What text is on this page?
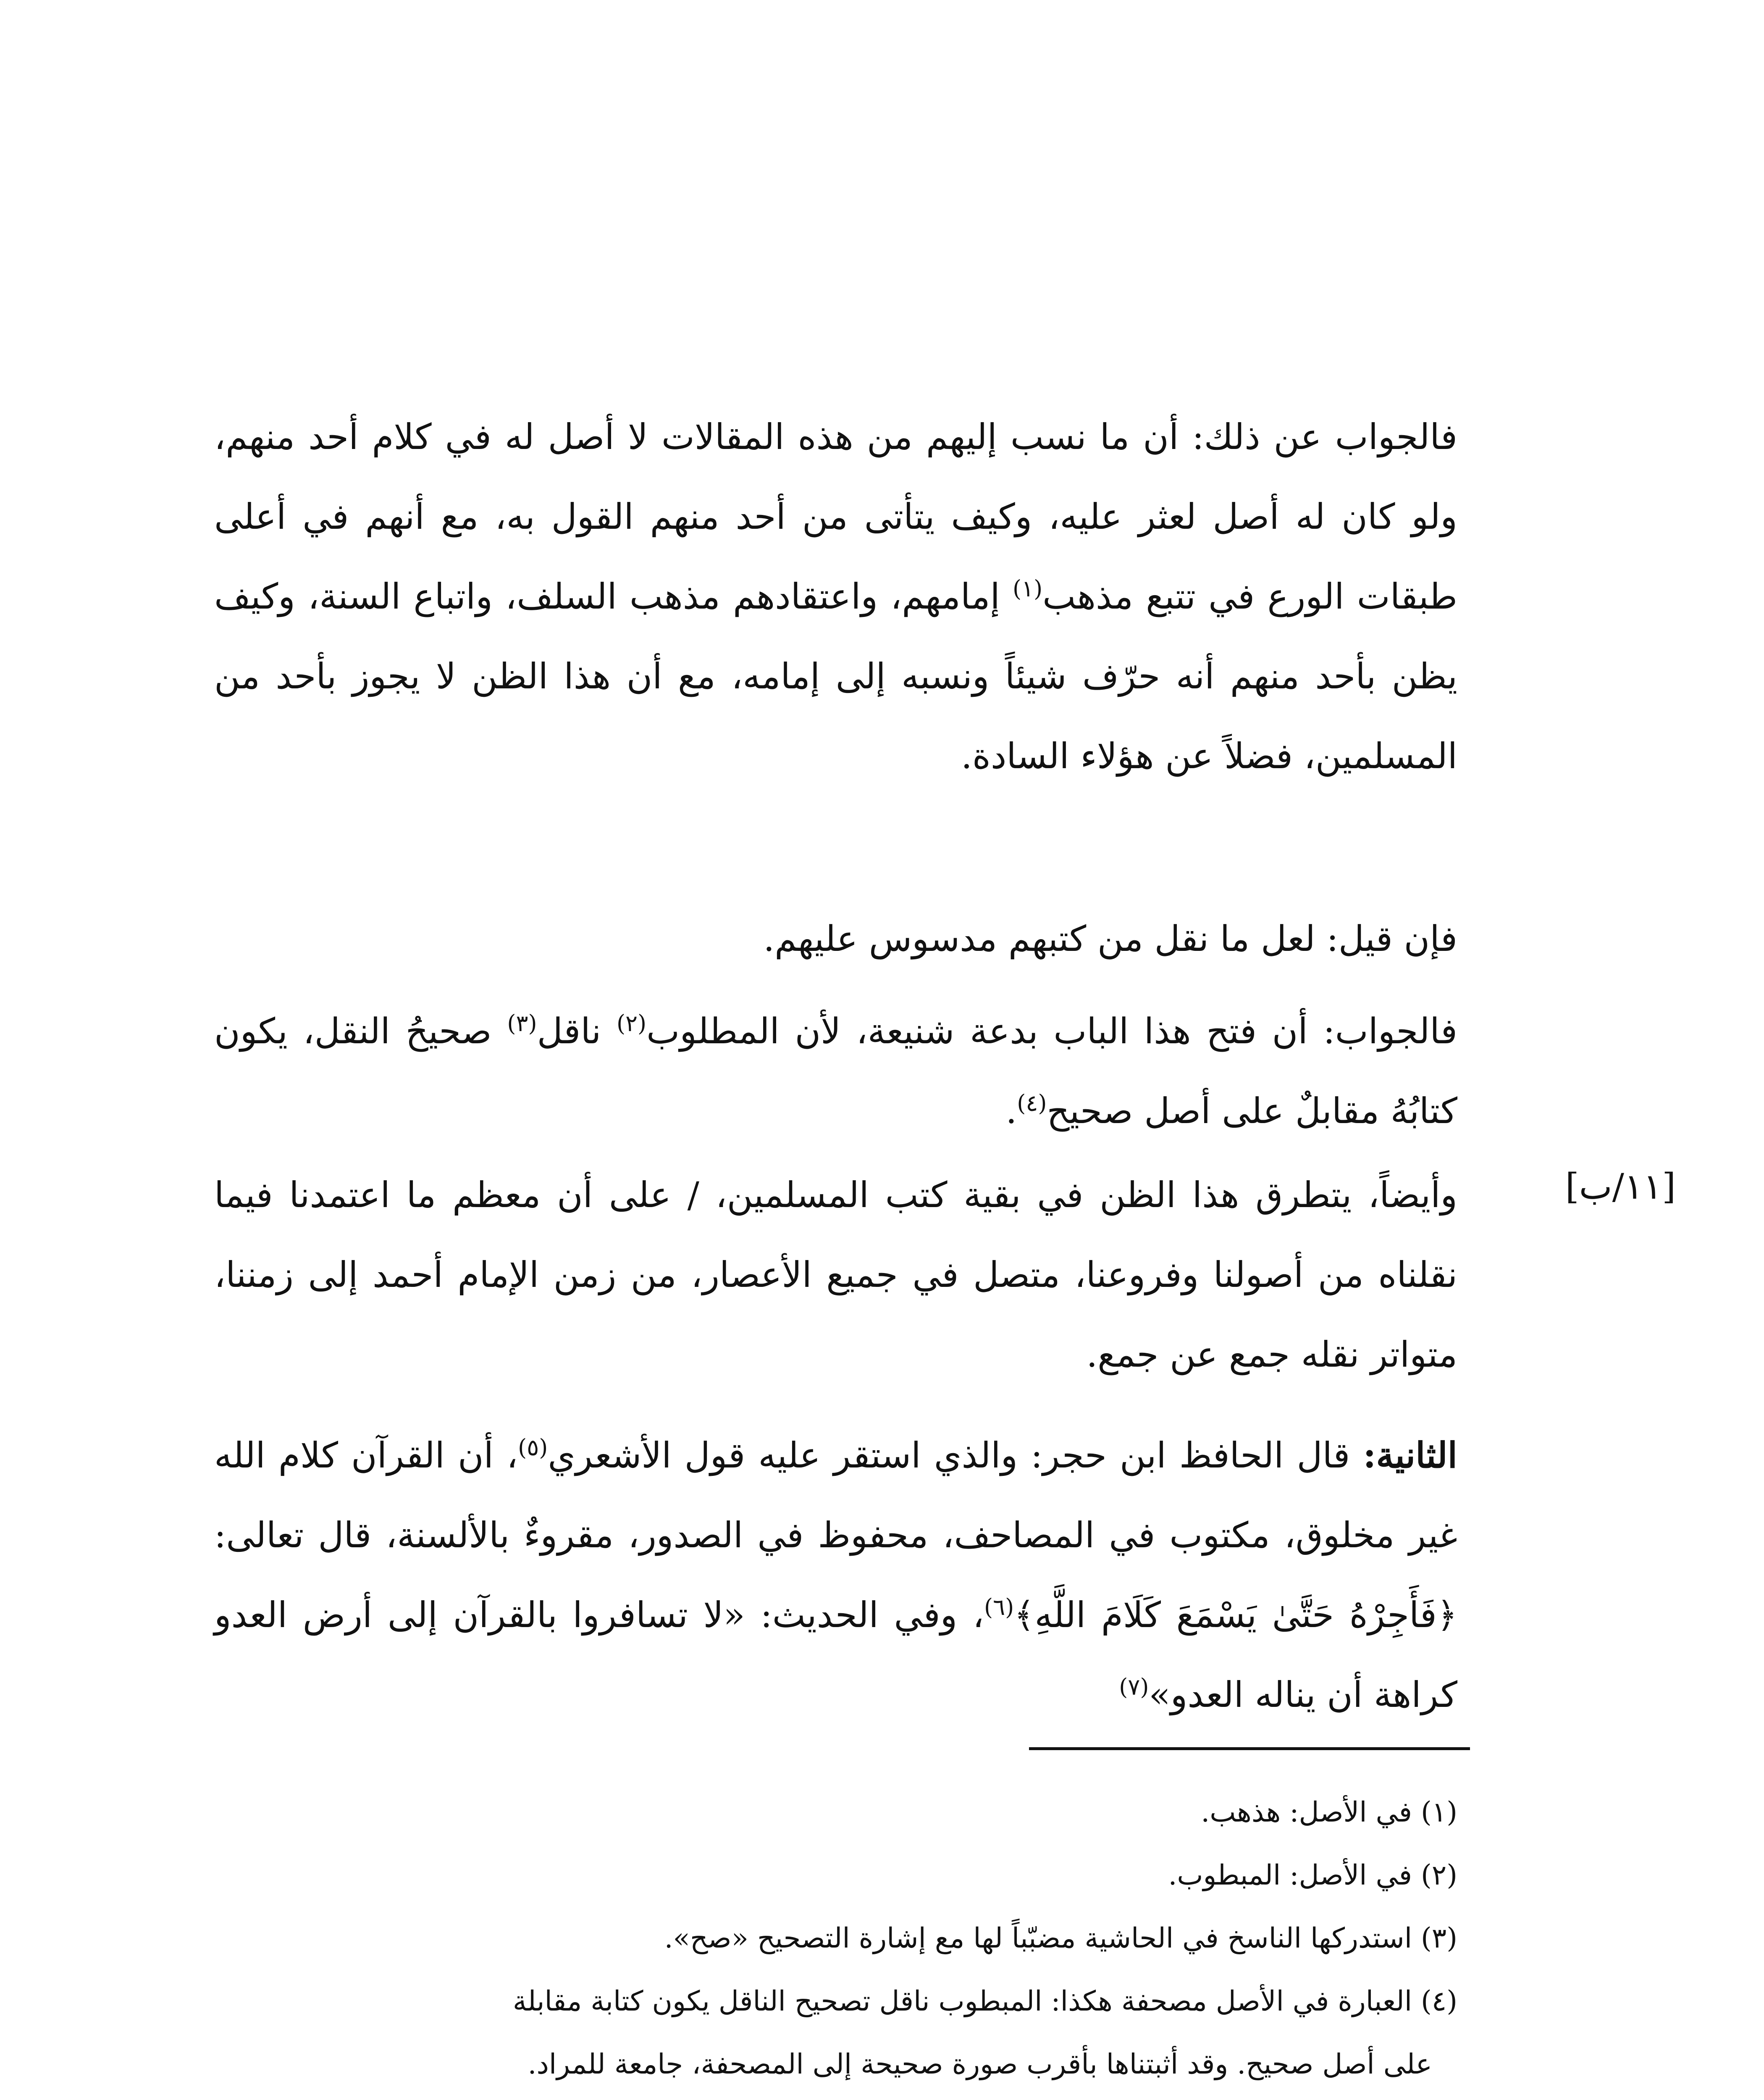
فالجواب عن ذلك: أن ما نسب إليهم من هذه المقالات لا أصل له في كلام أحد منهم، ولو كان له أصل لعثر عليه، وكيف يتأتى من أحد منهم القول به، مع أنهم في أعلى طبقات الورع في تتبع مذهب$^{(١)}$ إمامهم، واعتقادهم مذهب السلف، واتباع السنة، وكيف يظن بأحد منهم أنه حرّف شيئاً ونسبه إلى إمامه، مع أن هذا الظن لا يجوز بأحد من المسلمين، فضلاً عن هؤلاء السادة.

فإن قيل: لعل ما نقل من كتبهم مدسوس عليهم.

فالجواب: أن فتح هذا الباب بدعة شنيعة، لأن المطلوب$^{(٢)}$ ناقل$^{(٣)}$ صحيحُ النقل، يكون كتابُهُ مقابلٌ على أصل صحيح$^{(٤)}$.

[١١/ب]

وأيضاً، يتطرق هذا الظن في بقية كتب المسلمين، / على أن معظم ما اعتمدنا فيما نقلناه من أصولنا وفروعنا، متصل في جميع الأعصار، من زمن الإمام أحمد إلى زمننا، متواتر نقله جمع عن جمع.

الثانية: قال الحافظ ابن حجر: والذي استقر عليه قول الأشعري$^{(٥)}$، أن القرآن كلام الله غير مخلوق، مكتوب في المصاحف، محفوظ في الصدور، مقروءٌ بالألسنة، قال تعالى: ﴿فَأَجِرْهُ حَتَّىٰ يَسْمَعَ كَلَامَ اللَّهِ﴾$^{(٦)}$، وفي الحديث: «لا تسافروا بالقرآن إلى أرض العدو كراهة أن يناله العدو»$^{(٧)}$

(١) في الأصل: هذهب.
(٢) في الأصل: المبطوب.
(٣) استدركها الناسخ في الحاشية مضبّباً لها مع إشارة التصحيح «صح».
(٤) العبارة في الأصل مصحفة هكذا: المبطوب ناقل تصحيح الناقل يكون كتابة مقابلة
على أصل صحيح. وقد أثبتناها بأقرب صورة صحيحة إلى المصحفة، جامعة للمراد.
